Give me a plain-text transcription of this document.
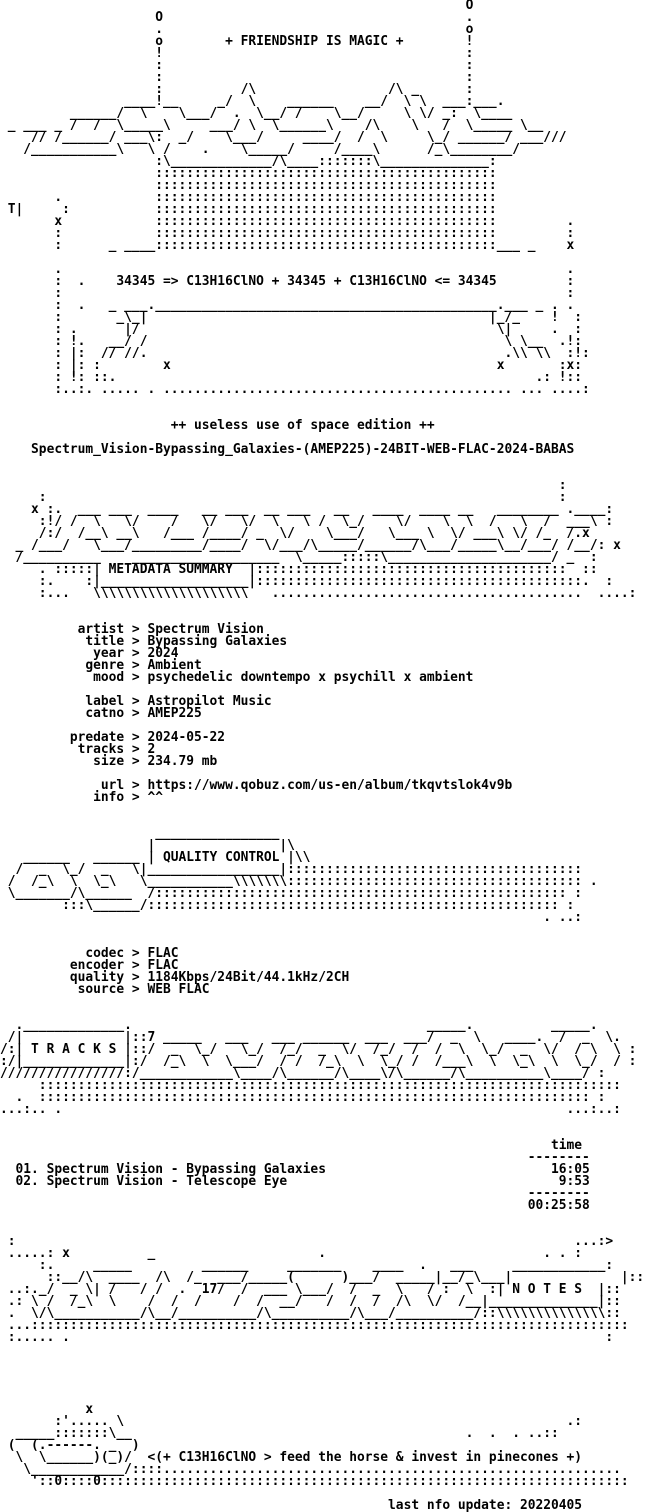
O
O                                       .
.                                       o
o        + FRIENDSHIP IS MAGIC +        !
!                                       :
:                                       :
:                                       :
:          /\                 /\ _      :
____!__     _/  \    ______    __/  \ \  ___:___.
______/  \    \___/  .  \__/ /    \__/     \ \/ _:  \____
_ ___ _ /  /  \_____\     ___/ \  \______\    /\    \   /  \_____ \__
// /______/ ___\:  _/    \___/     ____/  /  \     \_/ ______/ ___///
/___________\   \ /    .    \_____/     /____\      /_\________/
:\_____________/\____:::::::\______________:
::::::::::::::::::::::::::::::::::::::::::::
::::::::::::::::::::::::::::::::::::::::::::
.            ::::::::::::::::::::::::::::::::::::::::::::
T|     :           ::::::::::::::::::::::::::::::::::::::::::::
x            ::::::::::::::::::::::::::::::::::::::::::::         .
:            ::::::::::::::::::::::::::::::::::::::::::::         :
:      _ ____::::::::::::::::::::::::::::::::::::::::::::___ _    x
.                                                                 .
:  .    34345 => C13H16ClNO + 34345 + C13H16ClNO <= 34345         :
:                                                                 :
:  .   _ ___.____________________________________________.___ _ . .
:       _\_|                                            |_/_    !  :
: .      |/                                              \|     .  :
: !.   __/ /                                              \ \__  .!:
: |:  // //.                                              .\\ \\  :!:
: |: :        x                                          x       :x:
: !: ::.                                                      .: !::
:..:. ..... . ............................................. ... ....:
++ useless use of space edition ++
Spectrum_Vision-Bypassing_Galaxies-(AMEP225)-24BIT-WEB-FLAC-2024-BABAS
:
:                                                                  :
x :.  ___ ___  ____   __ ___  __ ___   __   ____  ____ __   ________ .____:
:!/ /  \   \/    /   \/   \/  \   \ /  \_/    \/    \  \  /   \  /  ___\ :
/:/  /__\ __\   /___ /____/ _  \/    \___/   \___ \  \/ ___\ \/ /_  /.x
_ /___/   \___/_________/____/  \/___/\_____/______/\___/_____\__/___/ /__/: x
/__________    ___________________  \_____:::::\_____________________/ _  :
. :::::| METADATA SUMMARY  |::::::::::::::::::::::::::::::::::::::::  ::
:.    :|___________________|::::::::::::::::::::::::::::::::::::::::::.  :
:...   \\\\\\\\\\\\\\\\\\\\   ........................................  ....:
artist > Spectrum Vision
title > Bypassing Galaxies
year > 2024
genre > Ambient
mood > psychedelic downtempo x psychill x ambient
label > Astropilot Music
catno > AMEP225
predate > 2024-05-22
tracks > 2
size > 234.79 mb
url > https://www.qobuz.com/us-en/album/tkqvtslok4v9b
info > ^^
________________
|                |\
______   ______ | QUALITY CONTROL |\\
/  _  \_/  _   \|_________________|::::::::::::::::::::::::::::::::::::::
/  /_\  \  \_\   \___________\\\\\\\:::::::::::::::::::::::::::::::::::::: .
\_______/\______  /::::::::::::::::::::::::::::::::::::::::::::::::::::: :
:::\______/::::::::::::::::::::::::::::::::::::::::::::::::::::: :
. ..:
codec > FLAC
encoder > FLAC
quality > 1184Kbps/24Bit/44.1kHz/2CH
source > WEB FLAC
._____________.                                      _____.          _____.
/|             |::7 _____   ___   ___ ______  ___  ___/  _  \   ____.  /  _  \.
/:| T R A C K S |::/  _  \_/   \_/  /_/  _  \/  /_/  /  /  \  \_/  _  \/  / \  \ :
:/|_____________|:/  /_\  \  \___/  / /  /_\  \  \_/ /  /___\  \  \_\  \  \_/  / :
////////////////:/____________\____/\______/\____\/\______/\__________\____/ :
:::::::::::::::::::::::::::::::::::::::::::::::::::::::::::::::::::::::::::
.  ::::::::::::::::::::::::::::::::::::::::::::::::::::::::::::::::::::::: :
...:.. .                                                                 ...:..:
time
--------
01. Spectrum Vision - Bypassing Galaxies                             16:05
02. Spectrum Vision - Telescope Eye                                   9:53
--------
00:25:58
:                                                                        ...:>
.....: x          _                     .                            . . :
:.     _____         ______     _______    ____  .   ___     ____________:
::__/\  ____  /\  /_  ___/_____(      )___/  _____|__/_\___|              |::
..:._/  _ \| /   / /  .  17/  /  ___ \___/  /  _  \   / :  \  :| N O T E S  |::
.: \ /  /_\  \    /  /  /    /  /  __/   /  /  /  /\  \/  /__|______________|::
.  \/\___________/\__/__________/\__________/\___/__________/::\\\\\\\\\\\\\\::
...:::::::::::::::::::::::::::::::::::::::::::::::::::::::::::::::::::::::::::::
:..... .                                                                     :
x
:'..... \                                                         .:
_____:::::::\__                                           .  .  . ..::
(  (.------. _  )
\  \______)(_)/  <(+ C13H16ClNO > feed the horse & invest in pinecones +)
\____________/::::...........................................................
'::0::::0::::::::::::::::::::::::::::::::::::::::::::::::::::::::::::::::::::
last nfo update: 20220405
